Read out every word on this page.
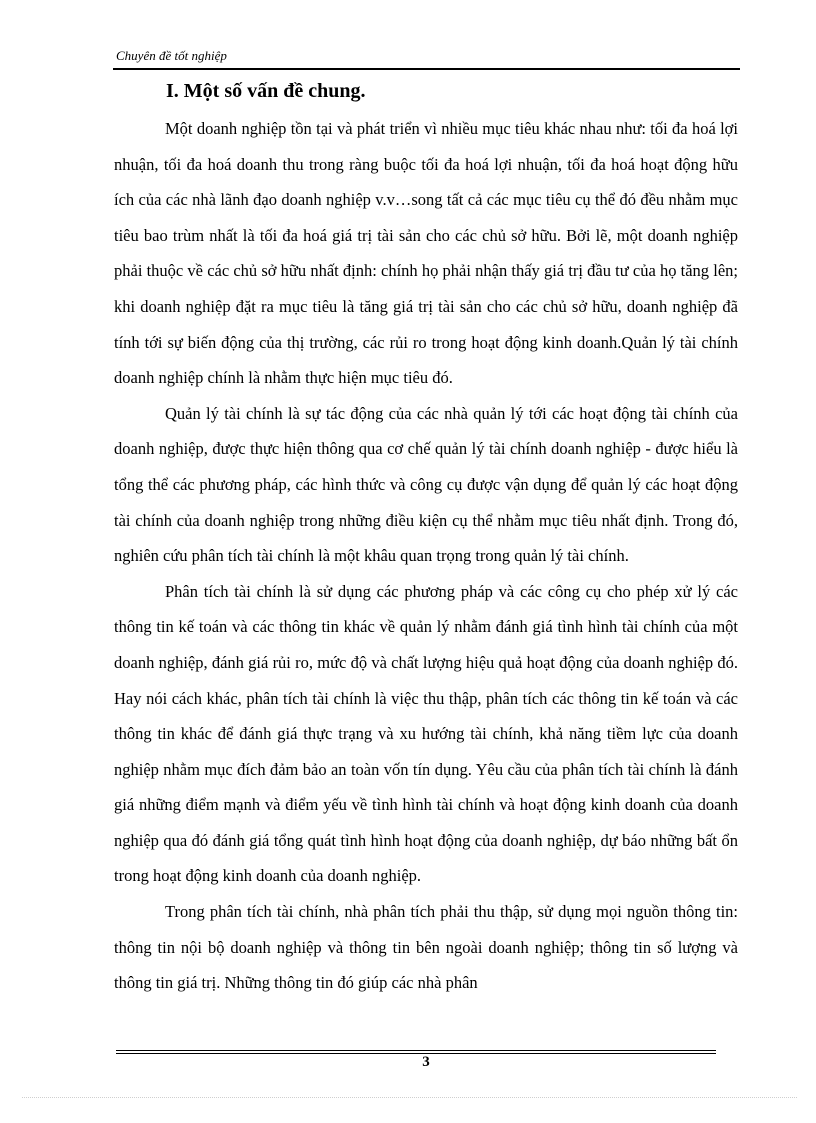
Chuyên đề tốt nghiệp
I. Một số vấn đề chung.

Một doanh nghiệp tồn tại và phát triển vì nhiều mục tiêu khác nhau như: tối đa hoá lợi nhuận, tối đa hoá doanh thu trong ràng buộc tối đa hoá lợi nhuận, tối đa hoá hoạt động hữu ích của các nhà lãnh đạo doanh nghiệp v.v…song tất cả các mục tiêu cụ thể đó đều nhằm mục tiêu bao trùm nhất là tối đa hoá giá trị tài sản cho các chủ sở hữu. Bởi lẽ, một doanh nghiệp phải thuộc về các chủ sở hữu nhất định: chính họ phải nhận thấy giá trị đầu tư của họ tăng lên; khi doanh nghiệp đặt ra mục tiêu là tăng giá trị tài sản cho các chủ sở hữu, doanh nghiệp đã tính tới sự biến động của thị trường, các rủi ro trong hoạt động kinh doanh.Quản lý tài chính doanh nghiệp chính là nhằm thực hiện mục tiêu đó.

Quản lý tài chính là sự tác động của các nhà quản lý tới các hoạt động tài chính của doanh nghiệp, được thực hiện thông qua cơ chế quản lý tài chính doanh nghiệp - được hiểu là tổng thể các phương pháp, các hình thức và công cụ được vận dụng để quản lý các hoạt động tài chính của doanh nghiệp trong những điều kiện cụ thể nhằm mục tiêu nhất định. Trong đó, nghiên cứu phân tích tài chính là một khâu quan trọng trong quản lý tài chính.

Phân tích tài chính là sử dụng các phương pháp và các công cụ cho phép xử lý các thông tin kế toán và các thông tin khác về quản lý nhằm đánh giá tình hình tài chính của một doanh nghiệp, đánh giá rủi ro, mức độ và chất lượng hiệu quả hoạt động của doanh nghiệp đó. Hay nói cách khác, phân tích tài chính là việc thu thập, phân tích các thông tin kế toán và các thông tin khác để đánh giá thực trạng và xu hướng tài chính, khả năng tiềm lực của doanh nghiệp nhằm mục đích đảm bảo an toàn vốn tín dụng. Yêu cầu của phân tích tài chính là đánh giá những điểm mạnh và điểm yếu về tình hình tài chính và hoạt động kinh doanh của doanh nghiệp qua đó đánh giá tổng quát tình hình hoạt động của doanh nghiệp, dự báo những bất ổn trong hoạt động kinh doanh của doanh nghiệp.

Trong phân tích tài chính, nhà phân tích phải thu thập, sử dụng mọi nguồn thông tin: thông tin nội bộ doanh nghiệp và thông tin bên ngoài doanh nghiệp; thông tin số lượng và thông tin giá trị. Những thông tin đó giúp các nhà phân

3
